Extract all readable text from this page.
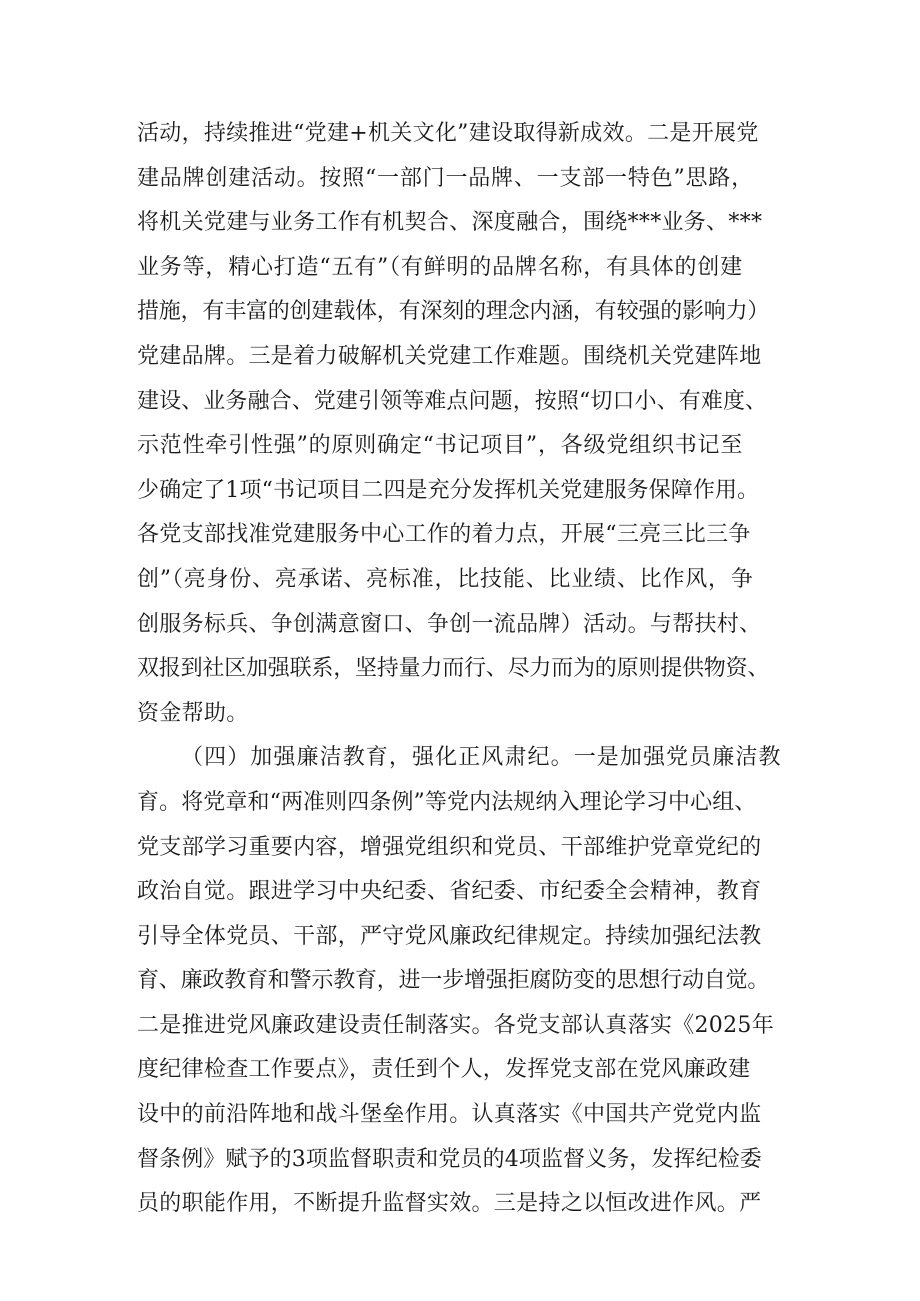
活动，持续推进“党建+机关文化”建设取得新成效。二是开展党
建品牌创建活动。按照“一部门一品牌、一支部一特色”思路，
将机关党建与业务工作有机契合、深度融合，围绕***业务、***
业务等，精心打造“五有”（有鲜明的品牌名称，有具体的创建
措施，有丰富的创建载体，有深刻的理念内涵，有较强的影响力）
党建品牌。三是着力破解机关党建工作难题。围绕机关党建阵地
建设、业务融合、党建引领等难点问题，按照“切口小、有难度、
示范性牵引性强”的原则确定“书记项目”，各级党组织书记至
少确定了1项“书记项目二四是充分发挥机关党建服务保障作用。
各党支部找准党建服务中心工作的着力点，开展“三亮三比三争
创”（亮身份、亮承诺、亮标准，比技能、比业绩、比作风，争
创服务标兵、争创满意窗口、争创一流品牌）活动。与帮扶村、
双报到社区加强联系，坚持量力而行、尽力而为的原则提供物资、
资金帮助。
（四）加强廉洁教育，强化正风肃纪。一是加强党员廉洁教
育。将党章和“两准则四条例”等党内法规纳入理论学习中心组、
党支部学习重要内容，增强党组织和党员、干部维护党章党纪的
政治自觉。跟进学习中央纪委、省纪委、市纪委全会精神，教育
引导全体党员、干部，严守党风廉政纪律规定。持续加强纪法教
育、廉政教育和警示教育，进一步增强拒腐防变的思想行动自觉。
二是推进党风廉政建设责任制落实。各党支部认真落实《2025年
度纪律检查工作要点》，责任到个人，发挥党支部在党风廉政建
设中的前沿阵地和战斗堡垒作用。认真落实《中国共产党党内监
督条例》赋予的3项监督职责和党员的4项监督义务，发挥纪检委
员的职能作用，不断提升监督实效。三是持之以恒改进作风。严
